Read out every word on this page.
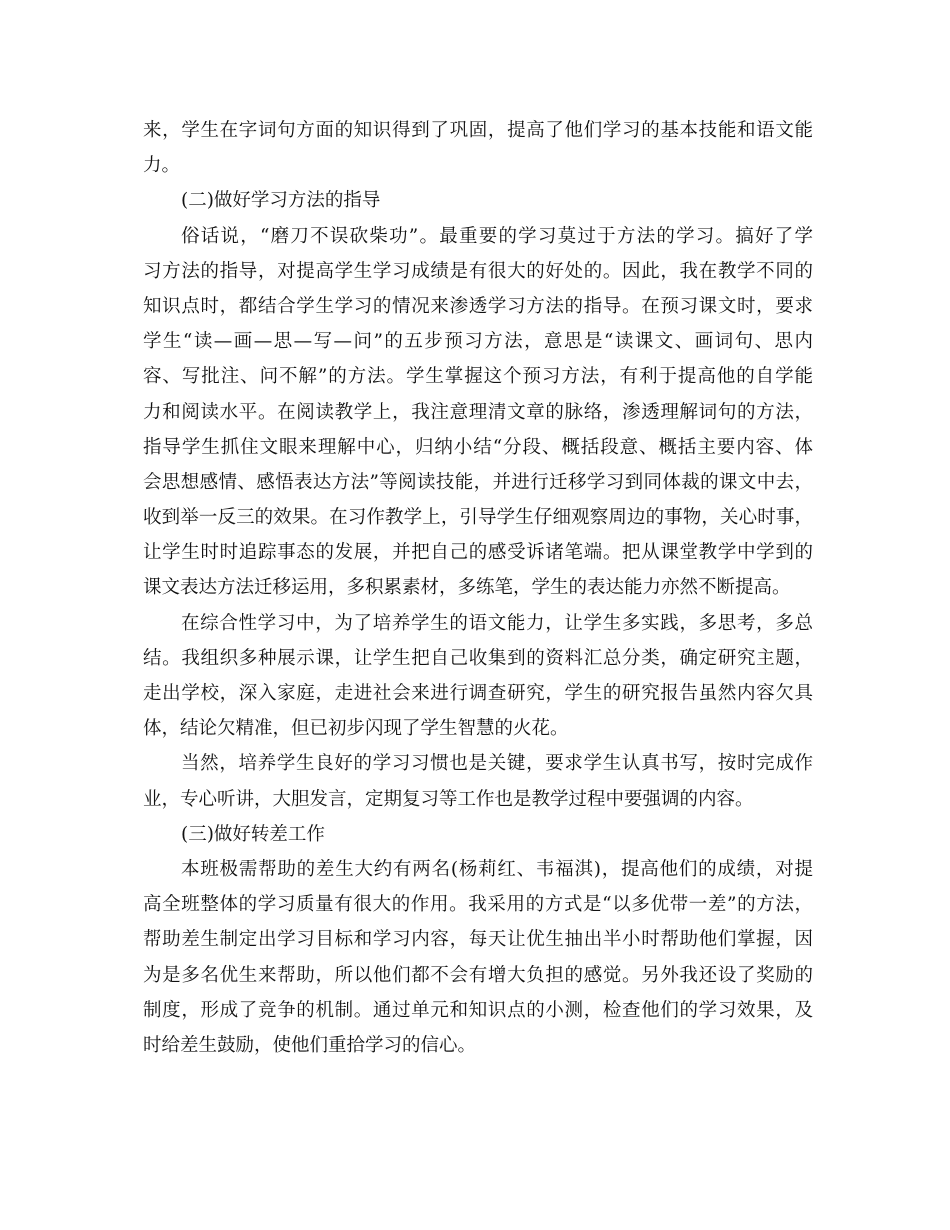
来，学生在字词句方面的知识得到了巩固，提高了他们学习的基本技能和语文能
力。
(二)做好学习方法的指导
俗话说，“磨刀不误砍柴功”。最重要的学习莫过于方法的学习。搞好了学
习方法的指导，对提高学生学习成绩是有很大的好处的。因此，我在教学不同的
知识点时，都结合学生学习的情况来渗透学习方法的指导。在预习课文时，要求
学生“读—画—思—写—问”的五步预习方法，意思是“读课文、画词句、思内
容、写批注、问不解”的方法。学生掌握这个预习方法，有利于提高他的自学能
力和阅读水平。在阅读教学上，我注意理清文章的脉络，渗透理解词句的方法，
指导学生抓住文眼来理解中心，归纳小结“分段、概括段意、概括主要内容、体
会思想感情、感悟表达方法”等阅读技能，并进行迁移学习到同体裁的课文中去，
收到举一反三的效果。在习作教学上，引导学生仔细观察周边的事物，关心时事，
让学生时时追踪事态的发展，并把自己的感受诉诸笔端。把从课堂教学中学到的
课文表达方法迁移运用，多积累素材，多练笔，学生的表达能力亦然不断提高。
在综合性学习中，为了培养学生的语文能力，让学生多实践，多思考，多总
结。我组织多种展示课，让学生把自己收集到的资料汇总分类，确定研究主题，
走出学校，深入家庭，走进社会来进行调查研究，学生的研究报告虽然内容欠具
体，结论欠精准，但已初步闪现了学生智慧的火花。
当然，培养学生良好的学习习惯也是关键，要求学生认真书写，按时完成作
业，专心听讲，大胆发言，定期复习等工作也是教学过程中要强调的内容。
(三)做好转差工作
本班极需帮助的差生大约有两名(杨莉红、韦福淇)，提高他们的成绩，对提
高全班整体的学习质量有很大的作用。我采用的方式是“以多优带一差”的方法，
帮助差生制定出学习目标和学习内容，每天让优生抽出半小时帮助他们掌握，因
为是多名优生来帮助，所以他们都不会有增大负担的感觉。另外我还设了奖励的
制度，形成了竞争的机制。通过单元和知识点的小测，检查他们的学习效果，及
时给差生鼓励，使他们重拾学习的信心。
